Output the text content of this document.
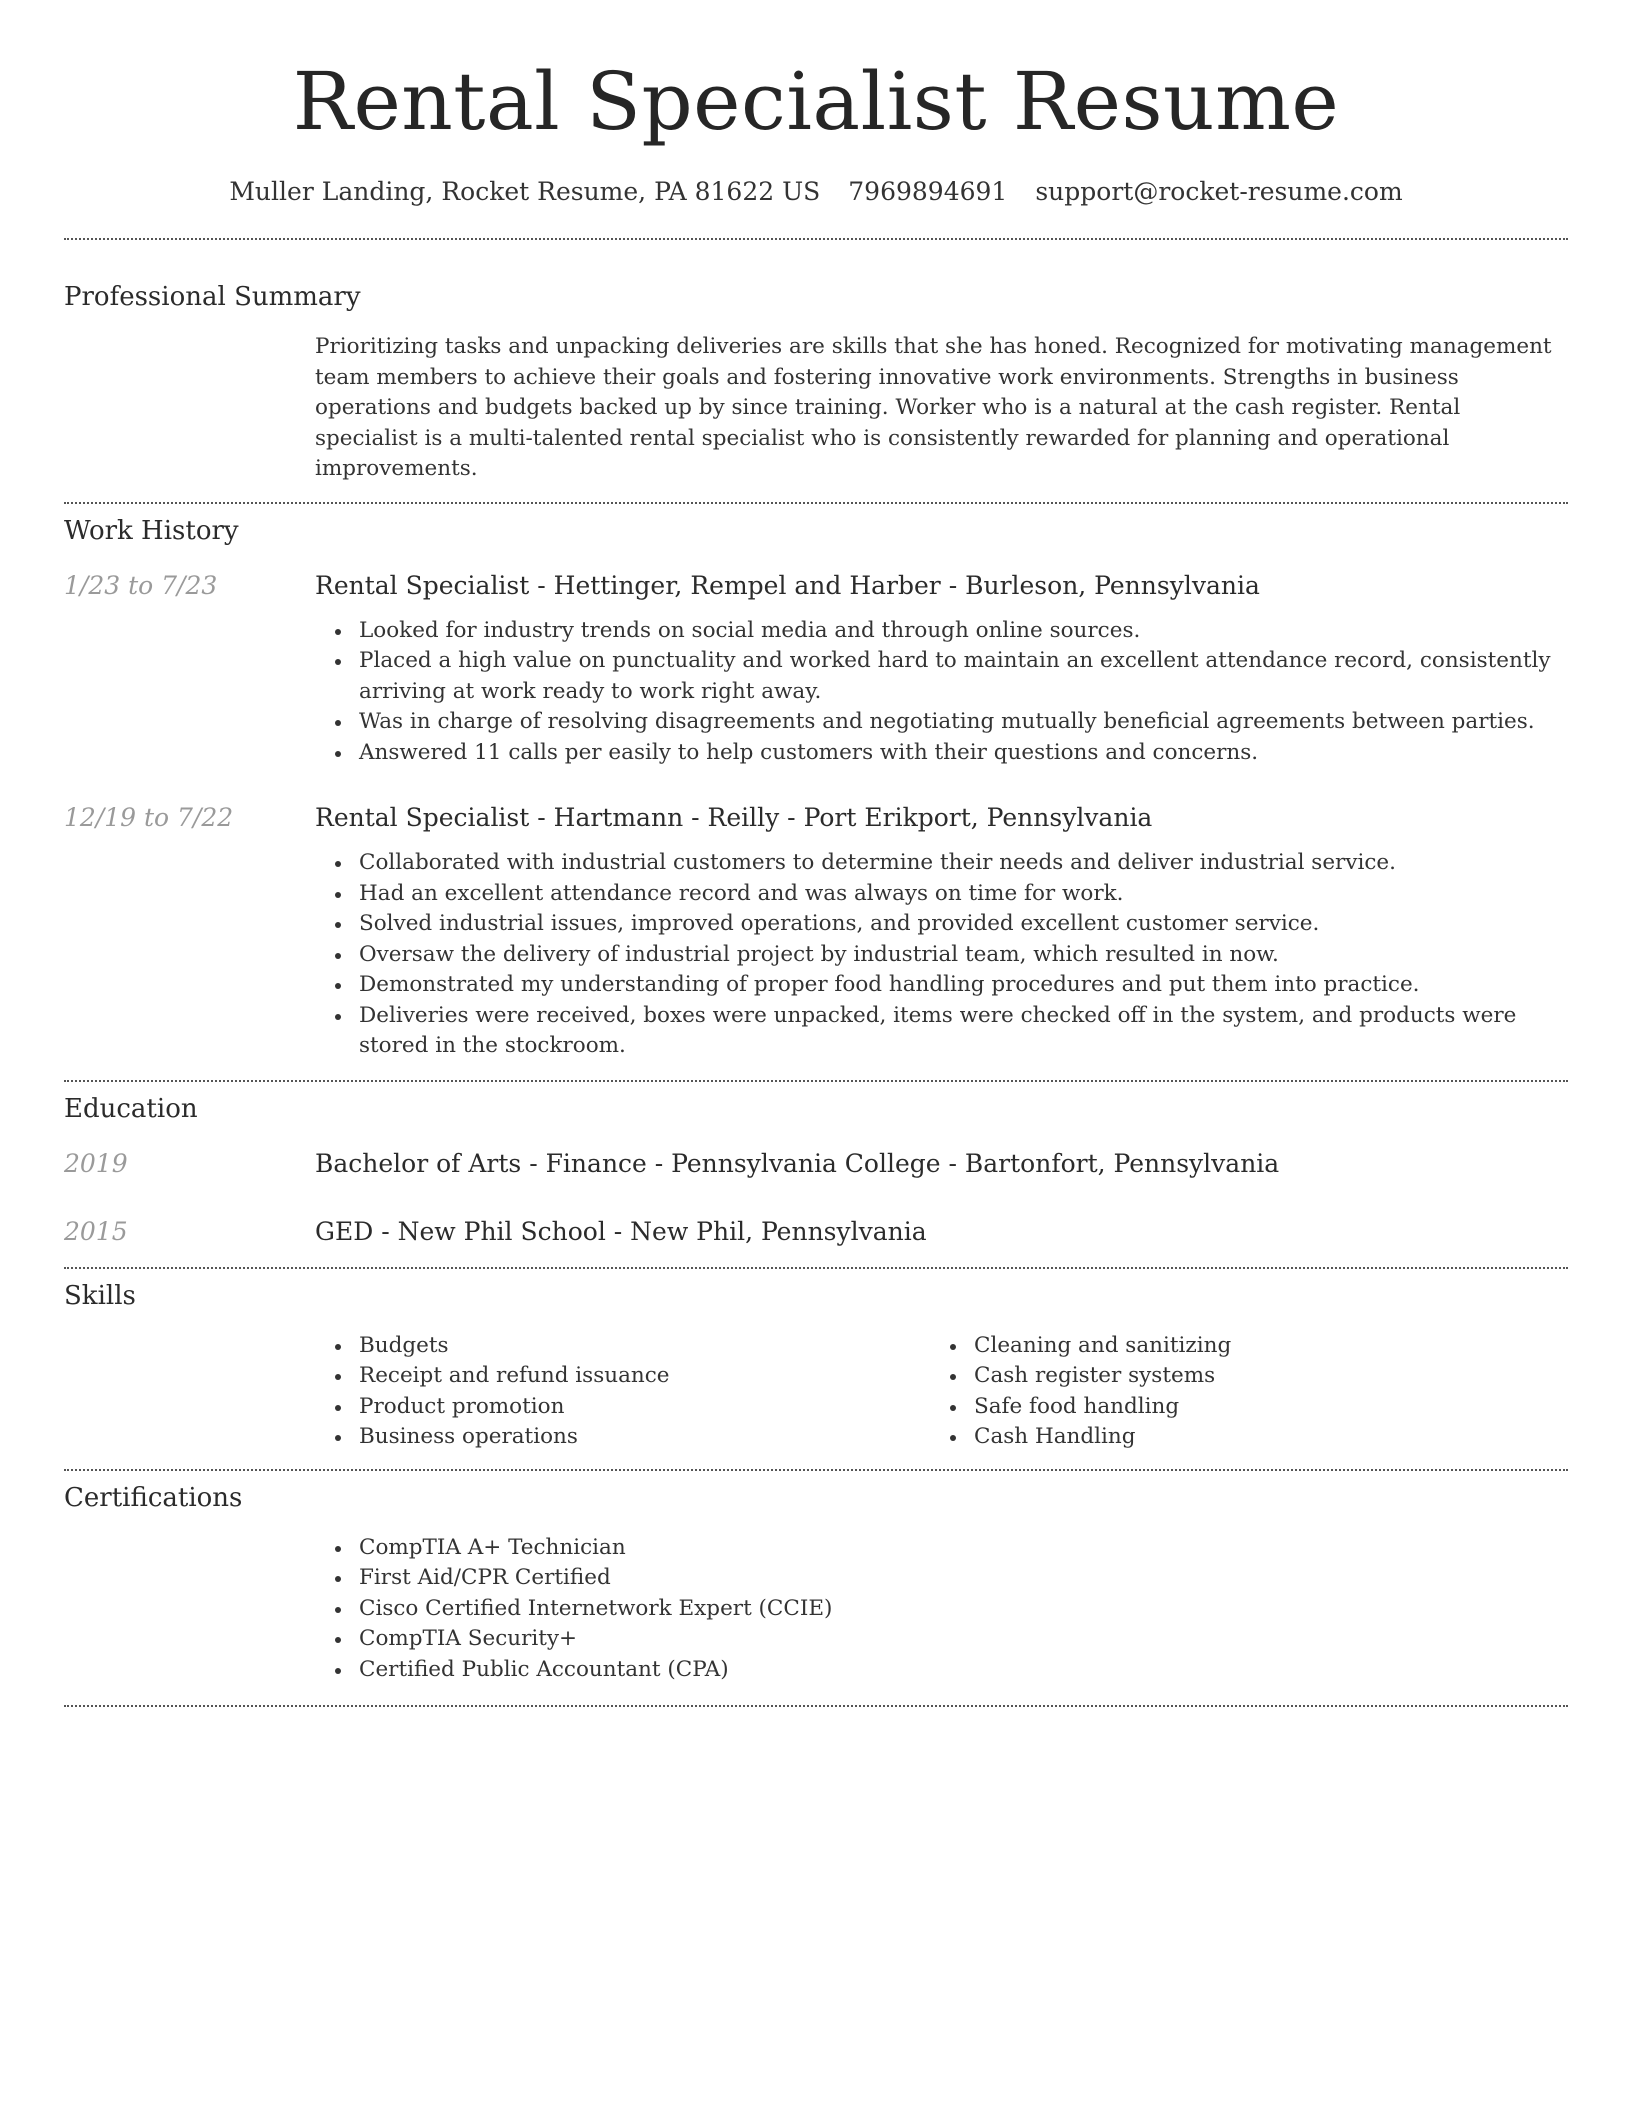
Rental Specialist Resume
Muller Landing, Rocket Resume, PA 81622 US 7969894691 support@rocket-resume.com
Professional Summary

Prioritizing tasks and unpacking deliveries are skills that she has honed. Recognized for motivating management team members to achieve their goals and fostering innovative work environments. Strengths in business operations and budgets backed up by since training. Worker who is a natural at the cash register. Rental specialist is a multi-talented rental specialist who is consistently rewarded for planning and operational improvements.

Work History
1/23 to 7/23	Rental Specialist - Hettinger, Rempel and Harber - Burleson, Pennsylvania
Looked for industry trends on social media and through online sources.
Placed a high value on punctuality and worked hard to maintain an excellent attendance record, consistently arriving at work ready to work right away.
Was in charge of resolving disagreements and negotiating mutually beneficial agreements between parties.
Answered 11 calls per easily to help customers with their questions and concerns.
12/19 to 7/22	Rental Specialist - Hartmann - Reilly - Port Erikport, Pennsylvania
Collaborated with industrial customers to determine their needs and deliver industrial service.
Had an excellent attendance record and was always on time for work.
Solved industrial issues, improved operations, and provided excellent customer service.
Oversaw the delivery of industrial project by industrial team, which resulted in now.
Demonstrated my understanding of proper food handling procedures and put them into practice.
Deliveries were received, boxes were unpacked, items were checked off in the system, and products were stored in the stockroom.
Education
2019	Bachelor of Arts - Finance - Pennsylvania College - Bartonfort, Pennsylvania
2015	GED - New Phil School - New Phil, Pennsylvania
Skills
Budgets
Receipt and refund issuance
Product promotion
Business operations
Cleaning and sanitizing
Cash register systems
Safe food handling
Cash Handling
Certifications
CompTIA A+ Technician
First Aid/CPR Certified
Cisco Certified Internetwork Expert (CCIE)
CompTIA Security+
Certified Public Accountant (CPA)
